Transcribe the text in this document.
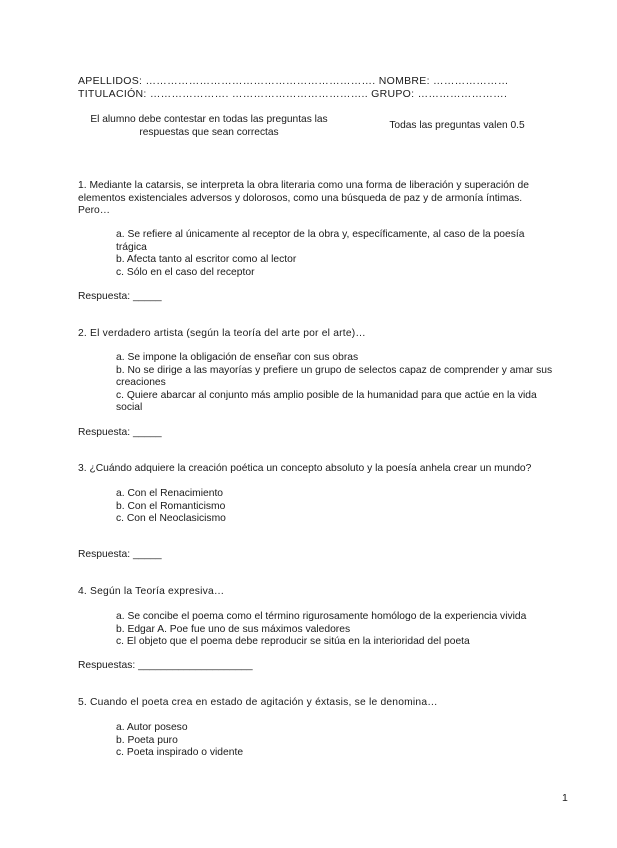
APELLIDOS: ………………………………………………………. NOMBRE: …………………
TITULACIÓN: …………………. ……………………………….. GRUPO: …………………….
El alumno debe contestar en todas las preguntas las respuestas que sean correctas
Todas las preguntas valen 0.5
1. Mediante la catarsis, se interpreta la obra literaria como una forma de liberación y superación de elementos existenciales adversos y dolorosos, como una búsqueda de paz y de armonía íntimas. Pero…
a. Se refiere al únicamente al receptor de la obra y, específicamente, al caso de la poesía trágica
b. Afecta tanto al escritor como al lector
c. Sólo en el caso del receptor
Respuesta: _____
2. El verdadero artista (según la teoría del arte por el arte)…
a. Se impone la obligación de enseñar con sus obras
b. No se dirige a las mayorías y prefiere un grupo de selectos capaz de comprender y amar sus creaciones
c. Quiere abarcar al conjunto más amplio posible de la humanidad para que actúe en la vida social
Respuesta: _____
3. ¿Cuándo adquiere la creación poética un concepto absoluto y la poesía anhela crear un mundo?
a. Con el Renacimiento
b. Con el Romanticismo
c. Con el Neoclasicismo
Respuesta: _____
4. Según la Teoría expresiva…
a. Se concibe el poema como el término rigurosamente homólogo de la experiencia vivida
b. Edgar A. Poe fue uno de sus máximos valedores
c. El objeto que el poema debe reproducir se sitúa en la interioridad del poeta
Respuestas: ____________________
5. Cuando el poeta crea en estado de agitación y éxtasis, se le denomina…
a. Autor poseso
b. Poeta puro
c. Poeta inspirado o vidente
1
